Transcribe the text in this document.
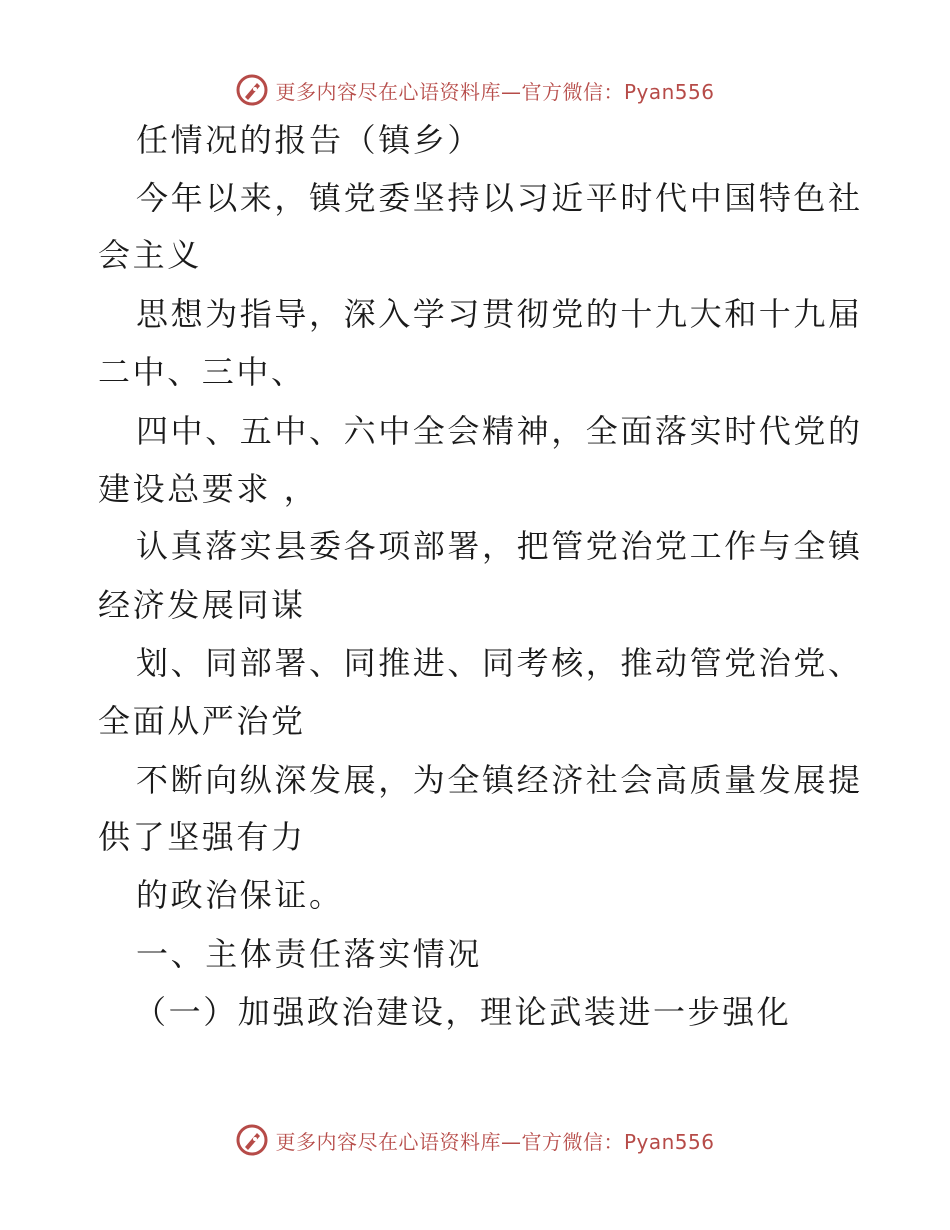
更多内容尽在心语资料库—官方微信：Pyan556
任情况的报告（镇乡）
今年以来，镇党委坚持以习近平时代中国特色社
会主义
思想为指导，深入学习贯彻党的十九大和十九届
二中、三中、
四中、五中、六中全会精神，全面落实时代党的
建设总要求 ，
认真落实县委各项部署，把管党治党工作与全镇
经济发展同谋
划、同部署、同推进、同考核，推动管党治党、
全面从严治党
不断向纵深发展，为全镇经济社会高质量发展提
供了坚强有力
的政治保证。
一、主体责任落实情况
（一）加强政治建设，理论武装进一步强化
更多内容尽在心语资料库—官方微信：Pyan556
